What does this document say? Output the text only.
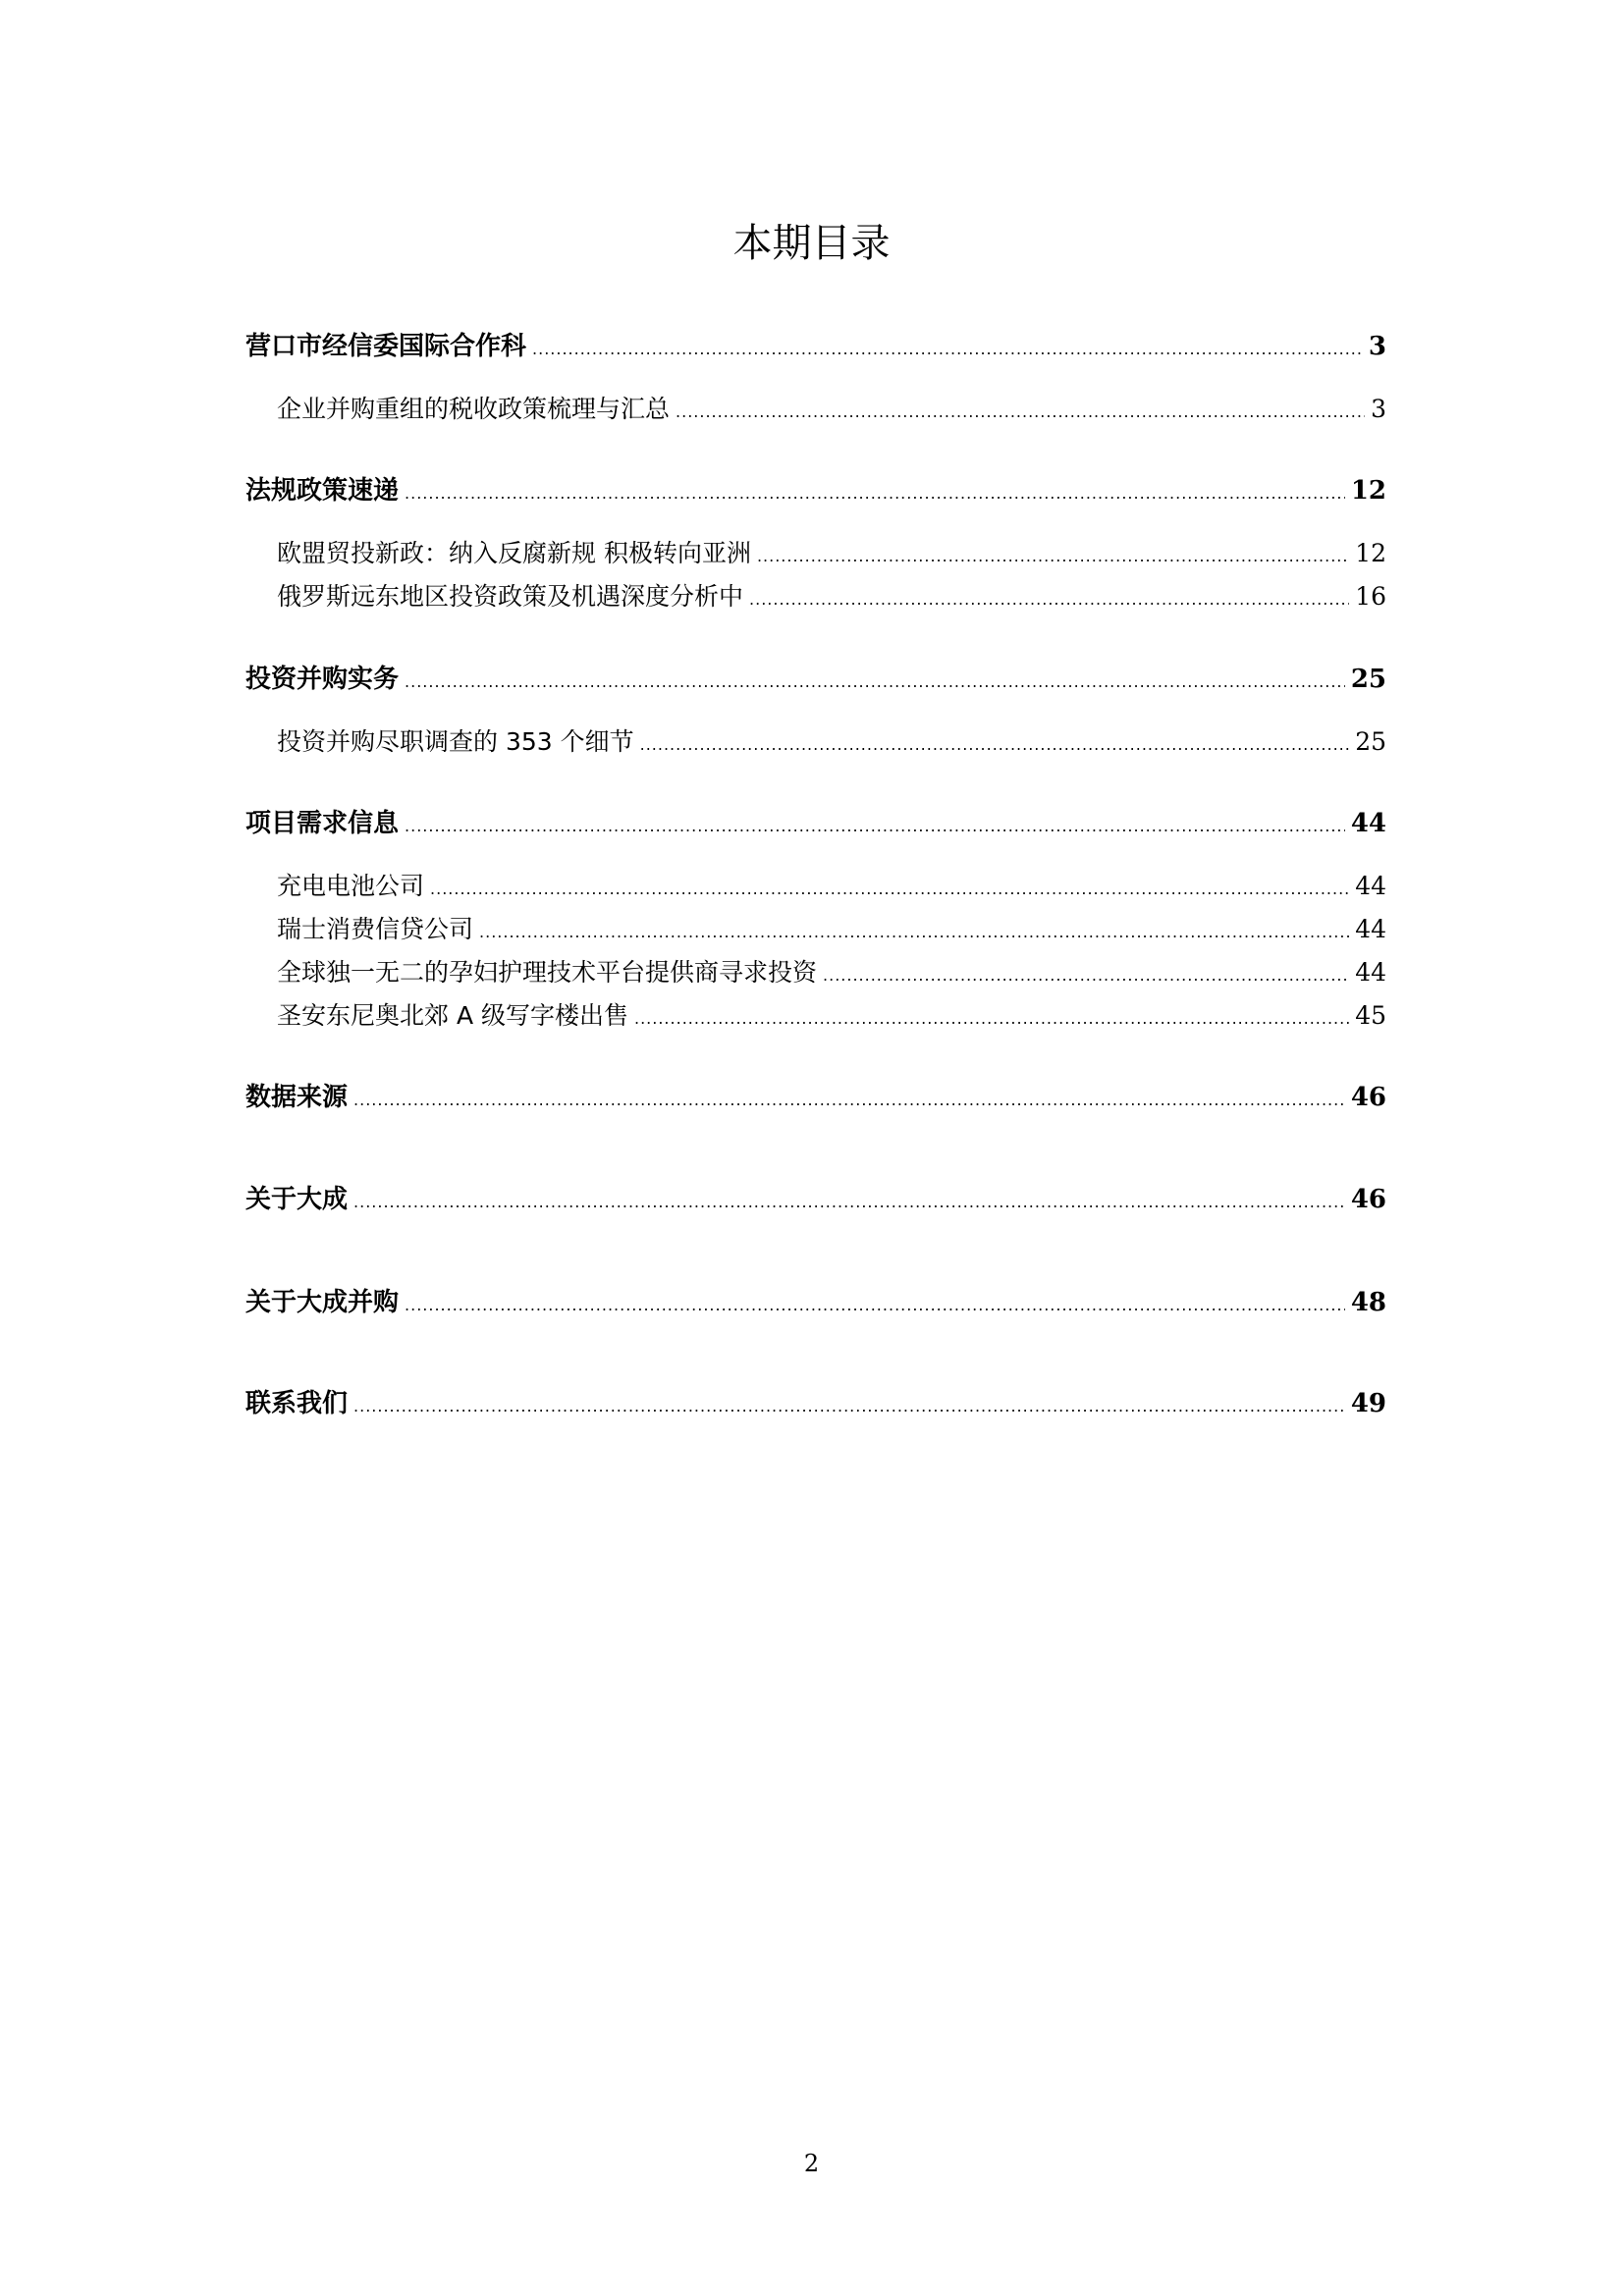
本期目录
营口市经信委国际合作科 .....	3
企业并购重组的税收政策梳理与汇总 .....	3
法规政策速递 .....	12
欧盟贸投新政：纳入反腐新规 积极转向亚洲 .....	12
俄罗斯远东地区投资政策及机遇深度分析中 .....	16
投资并购实务 .....	25
投资并购尽职调查的 353 个细节 .....	25
项目需求信息 .....	44
充电电池公司 .....	44
瑞士消费信贷公司 .....	44
全球独一无二的孕妇护理技术平台提供商寻求投资 .....	44
圣安东尼奥北郊 A 级写字楼出售 .....	45
数据来源 .....	46
关于大成 .....	46
关于大成并购 .....	48
联系我们 .....	49
2
